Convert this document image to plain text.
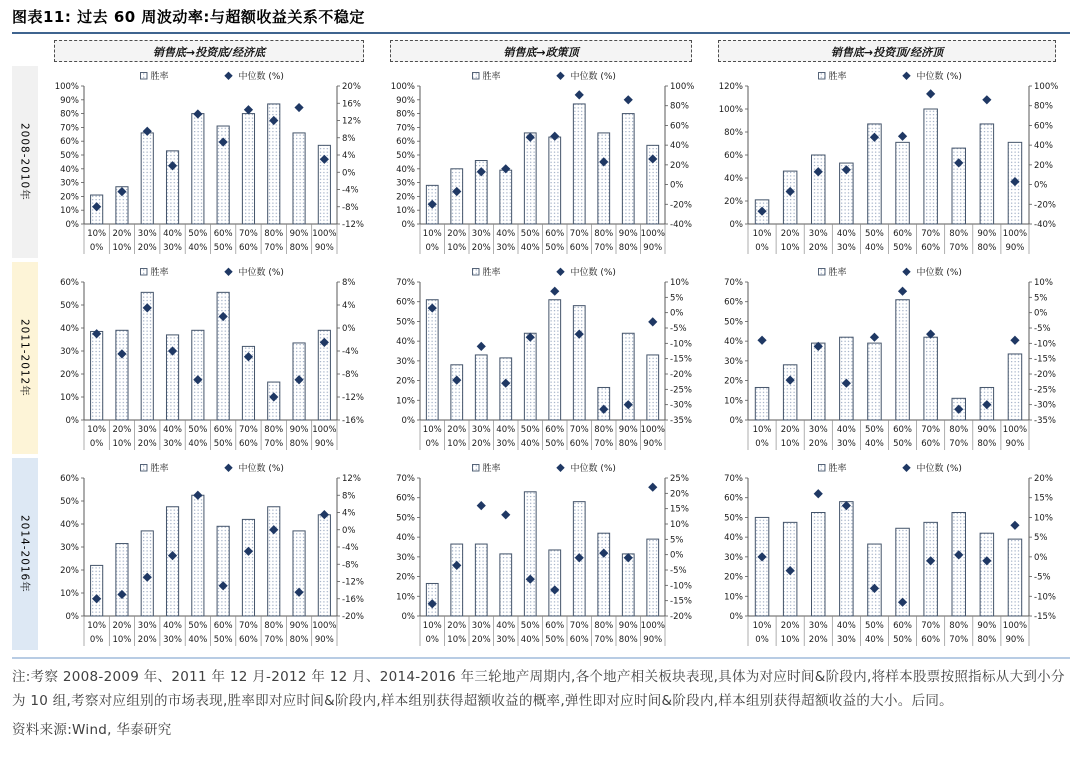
图表11: 过去 60 周波动率:与超额收益关系不稳定
销售底→投资底/经济底	销售底→政策顶	销售底→投资顶/经济顶
2008-2010年
胜率	中位数 (%)
0%
10%
20%
30%
40%
50%
60%
70%
80%
90%
100%
-12%
-8%
-4%
0%
4%
8%
12%
16%
20%
10%
0%
20%
10%
30%
20%
40%
30%
50%
40%
60%
50%
70%
60%
80%
70%
90%
80%
100%
90%
胜率	中位数 (%)
0%
10%
20%
30%
40%
50%
60%
70%
80%
90%
100%
-40%
-20%
0%
20%
40%
60%
80%
100%
10%
0%
20%
10%
30%
20%
40%
30%
50%
40%
60%
50%
70%
60%
80%
70%
90%
80%
100%
90%
胜率	中位数 (%)
0%
20%
40%
60%
80%
100%
120%
-40%
-20%
0%
20%
40%
60%
80%
100%
10%
0%
20%
10%
30%
20%
40%
30%
50%
40%
60%
50%
70%
60%
80%
70%
90%
80%
100%
90%
2011-2012年
胜率	中位数 (%)
0%
10%
20%
30%
40%
50%
60%
-16%
-12%
-8%
-4%
0%
4%
8%
10%
0%
20%
10%
30%
20%
40%
30%
50%
40%
60%
50%
70%
60%
80%
70%
90%
80%
100%
90%
胜率	中位数 (%)
0%
10%
20%
30%
40%
50%
60%
70%
-35%
-30%
-25%
-20%
-15%
-10%
-5%
0%
5%
10%
10%
0%
20%
10%
30%
20%
40%
30%
50%
40%
60%
50%
70%
60%
80%
70%
90%
80%
100%
90%
胜率	中位数 (%)
0%
10%
20%
30%
40%
50%
60%
70%
-35%
-30%
-25%
-20%
-15%
-10%
-5%
0%
5%
10%
10%
0%
20%
10%
30%
20%
40%
30%
50%
40%
60%
50%
70%
60%
80%
70%
90%
80%
100%
90%
2014-2016年
胜率	中位数 (%)
0%
10%
20%
30%
40%
50%
60%
-20%
-16%
-12%
-8%
-4%
0%
4%
8%
12%
10%
0%
20%
10%
30%
20%
40%
30%
50%
40%
60%
50%
70%
60%
80%
70%
90%
80%
100%
90%
胜率	中位数 (%)
0%
10%
20%
30%
40%
50%
60%
70%
-20%
-15%
-10%
-5%
0%
5%
10%
15%
20%
25%
10%
0%
20%
10%
30%
20%
40%
30%
50%
40%
60%
50%
70%
60%
80%
70%
90%
80%
100%
90%
胜率	中位数 (%)
0%
10%
20%
30%
40%
50%
60%
70%
-15%
-10%
-5%
0%
5%
10%
15%
20%
10%
0%
20%
10%
30%
20%
40%
30%
50%
40%
60%
50%
70%
60%
80%
70%
90%
80%
100%
90%
注:考察 2008-2009 年、2011 年 12 月-2012 年 12 月、2014-2016 年三轮地产周期内,各个地产相关板块表现,具体为对应时间&阶段内,将样本股票按照指标从大到小分为 10 组,考察对应组别的市场表现,胜率即对应时间&阶段内,样本组别获得超额收益的概率,弹性即对应时间&阶段内,样本组别获得超额收益的大小。后同。
资料来源:Wind, 华泰研究
